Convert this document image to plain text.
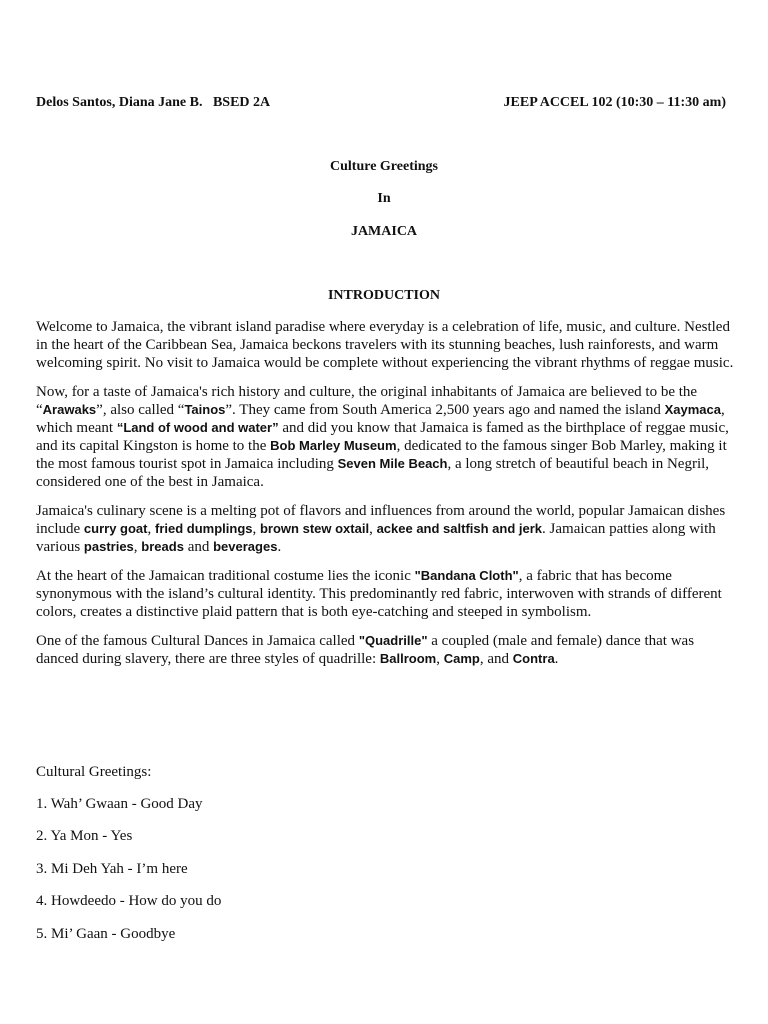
Delos Santos, Diana Jane B.   BSED 2A	JEEP ACCEL 102 (10:30 – 11:30 am)
Culture Greetings
In
JAMAICA
INTRODUCTION

Welcome to Jamaica, the vibrant island paradise where everyday is a celebration of life, music, and culture. Nestled in the heart of the Caribbean Sea, Jamaica beckons travelers with its stunning beaches, lush rainforests, and warm welcoming spirit. No visit to Jamaica would be complete without experiencing the vibrant rhythms of reggae music.

Now, for a taste of Jamaica's rich history and culture, the original inhabitants of Jamaica are believed to be the “Arawaks”, also called “Tainos”. They came from South America 2,500 years ago and named the island Xaymaca, which meant “Land of wood and water” and did you know that Jamaica is famed as the birthplace of reggae music, and its capital Kingston is home to the Bob Marley Museum, dedicated to the famous singer Bob Marley, making it the most famous tourist spot in Jamaica including Seven Mile Beach, a long stretch of beautiful beach in Negril, considered one of the best in Jamaica.

Jamaica's culinary scene is a melting pot of flavors and influences from around the world, popular Jamaican dishes include curry goat, fried dumplings, brown stew oxtail, ackee and saltfish and jerk. Jamaican patties along with various pastries, breads and beverages.

At the heart of the Jamaican traditional costume lies the iconic "Bandana Cloth", a fabric that has become synonymous with the island’s cultural identity. This predominantly red fabric, interwoven with strands of different colors, creates a distinctive plaid pattern that is both eye-catching and steeped in symbolism.

One of the famous Cultural Dances in Jamaica called "Quadrille" a coupled (male and female) dance that was danced during slavery, there are three styles of quadrille: Ballroom, Camp, and Contra.

Cultural Greetings:
1. Wah’ Gwaan - Good Day
2. Ya Mon - Yes
3. Mi Deh Yah - I’m here
4. Howdeedo - How do you do
5. Mi’ Gaan - Goodbye
